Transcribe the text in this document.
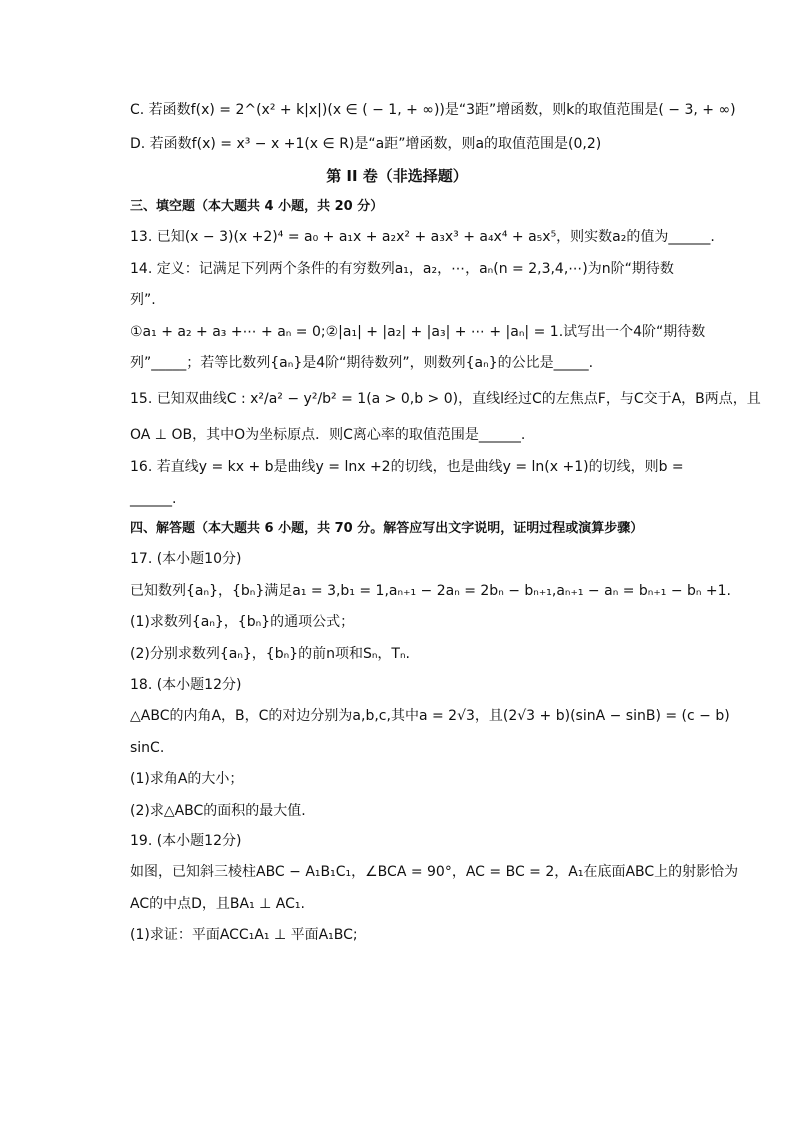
C. 若函数f(x) = 2^(x² + k|x|)(x ∈ ( − 1, + ∞))是“3距”增函数，则k的取值范围是( − 3, + ∞)
D. 若函数f(x) = x³ − x +1(x ∈ R)是“a距”增函数，则a的取值范围是(0,2)
第 II 卷（非选择题）
三、填空题（本大题共 4 小题，共 20 分）
13. 已知(x − 3)(x +2)⁴ = a₀ + a₁x + a₂x² + a₃x³ + a₄x⁴ + a₅x⁵，则实数a₂的值为______.
14. 定义：记满足下列两个条件的有穷数列a₁，a₂，⋯，aₙ(n = 2,3,4,⋯)为n阶“期待数
列”.
①a₁ + a₂ + a₃ +⋯ + aₙ = 0;②|a₁| + |a₂| + |a₃| + ⋯ + |aₙ| = 1.试写出一个4阶“期待数
列”_____；若等比数列{aₙ}是4阶“期待数列”，则数列{aₙ}的公比是_____.
15. 已知双曲线C : x²/a² − y²/b² = 1(a > 0,b > 0)，直线l经过C的左焦点F，与C交于A，B两点，且
OA ⊥ OB，其中O为坐标原点．则C离心率的取值范围是______.
16. 若直线y = kx + b是曲线y = lnx +2的切线，也是曲线y = ln(x +1)的切线，则b =
______.
四、解答题（本大题共 6 小题，共 70 分。解答应写出文字说明，证明过程或演算步骤）
17. (本小题10分)
已知数列{aₙ}，{bₙ}满足a₁ = 3,b₁ = 1,aₙ₊₁ − 2aₙ = 2bₙ − bₙ₊₁,aₙ₊₁ − aₙ = bₙ₊₁ − bₙ +1.
(1)求数列{aₙ}，{bₙ}的通项公式；
(2)分别求数列{aₙ}，{bₙ}的前n项和Sₙ，Tₙ.
18. (本小题12分)
△ABC的内角A，B，C的对边分别为a,b,c,其中a = 2√3，且(2√3 + b)(sinA − sinB) = (c − b)
sinC.
(1)求角A的大小；
(2)求△ABC的面积的最大值.
19. (本小题12分)
如图，已知斜三棱柱ABC − A₁B₁C₁，∠BCA = 90°，AC = BC = 2，A₁在底面ABC上的射影恰为
AC的中点D，且BA₁ ⊥ AC₁.
(1)求证：平面ACC₁A₁ ⊥ 平面A₁BC;
